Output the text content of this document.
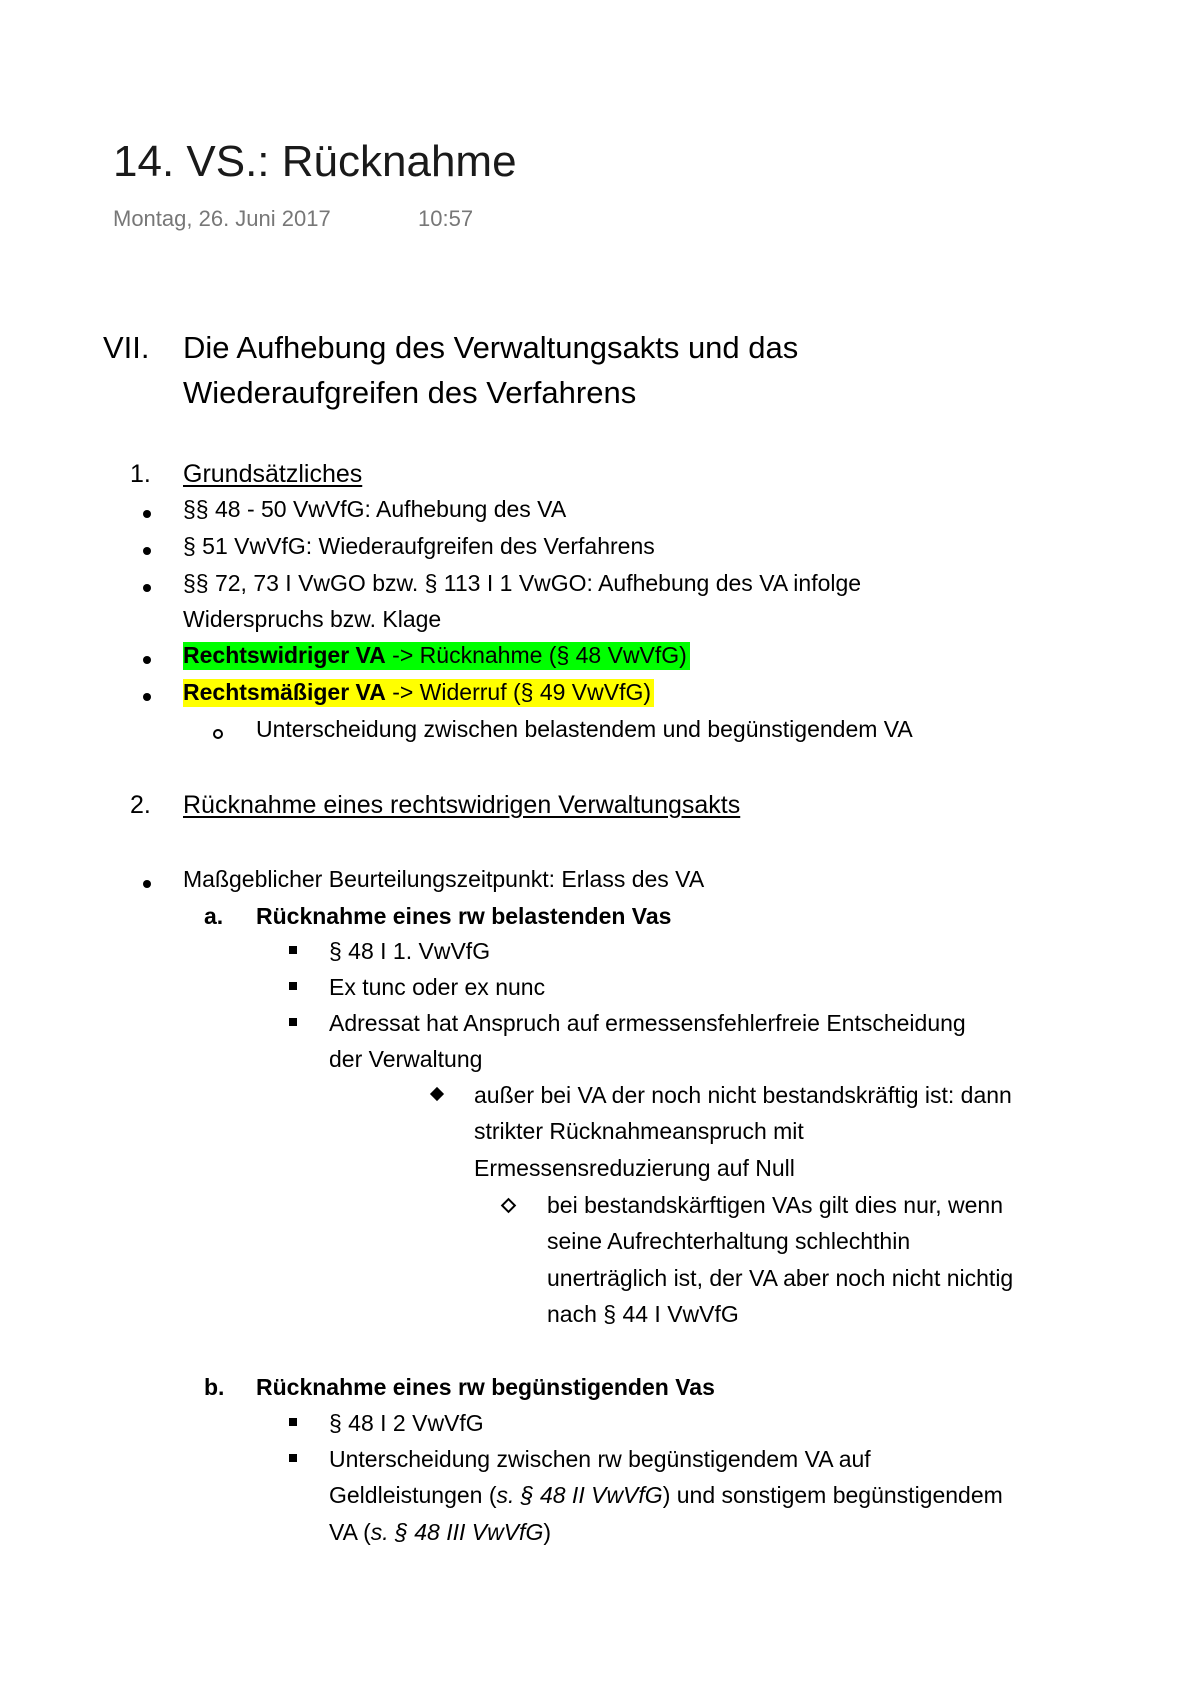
14. VS.: Rücknahme
Montag, 26. Juni 2017	10:57
VII. Die Aufhebung des Verwaltungsakts und das
Wiederaufgreifen des Verfahrens
1. Grundsätzliches
§§ 48 - 50 VwVfG: Aufhebung des VA
§ 51 VwVfG: Wiederaufgreifen des Verfahrens
§§ 72, 73 I VwGO bzw. § 113 I 1 VwGO: Aufhebung des VA infolge
Widerspruchs bzw. Klage
Rechtswidriger VA -> Rücknahme (§ 48 VwVfG)
Rechtsmäßiger VA -> Widerruf (§ 49 VwVfG)
Unterscheidung zwischen belastendem und begünstigendem VA
2. Rücknahme eines rechtswidrigen Verwaltungsakts
Maßgeblicher Beurteilungszeitpunkt: Erlass des VA
a. Rücknahme eines rw belastenden Vas
§ 48 I 1. VwVfG
Ex tunc oder ex nunc
Adressat hat Anspruch auf ermessensfehlerfreie Entscheidung
der Verwaltung
außer bei VA der noch nicht bestandskräftig ist: dann
strikter Rücknahmeanspruch mit
Ermessensreduzierung auf Null
bei bestandskärftigen VAs gilt dies nur, wenn
seine Aufrechterhaltung schlechthin
unerträglich ist, der VA aber noch nicht nichtig
nach § 44 I VwVfG
b. Rücknahme eines rw begünstigenden Vas
§ 48 I 2 VwVfG
Unterscheidung zwischen rw begünstigendem VA auf
Geldleistungen (s. § 48 II VwVfG) und sonstigem begünstigendem
VA (s. § 48 III VwVfG)
